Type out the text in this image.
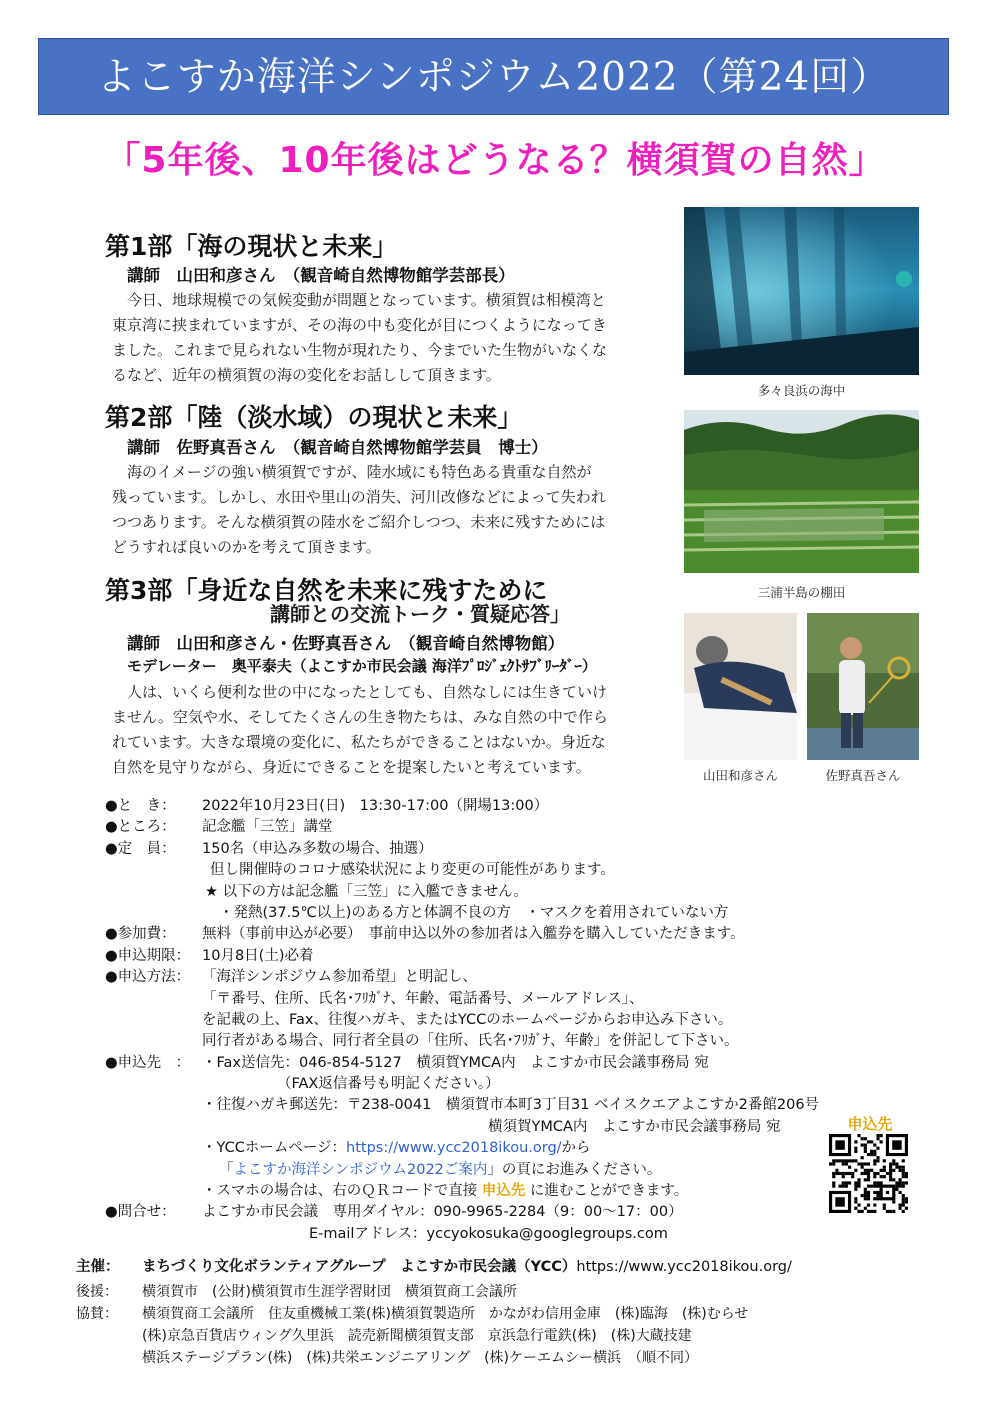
よこすか海洋シンポジウム2022（第24回）
「5年後、10年後はどうなる？横須賀の自然」
第1部「海の現状と未来」
講師　山田和彦さん　（観音崎自然博物館学芸部長）

　今日、地球規模での気候変動が問題となっています。横須賀は相模湾と

東京湾に挟まれていますが、その海の中も変化が目につくようになってき

ました。これまで見られない生物が現れたり、今までいた生物がいなくな

るなど、近年の横須賀の海の変化をお話しして頂きます。

第2部「陸（淡水域）の現状と未来」
講師　佐野真吾さん　（観音崎自然博物館学芸員　博士）

　海のイメージの強い横須賀ですが、陸水域にも特色ある貴重な自然が

残っています。しかし、水田や里山の消失、河川改修などによって失われ

つつあります。そんな横須賀の陸水をご紹介しつつ、未来に残すためには

どうすれば良いのかを考えて頂きます。

第3部「身近な自然を未来に残すために
講師との交流トーク・質疑応答」
講師　山田和彦さん・佐野真吾さん　（観音崎自然博物館）
モデレーター　奥平泰夫（よこすか市民会議 海洋ﾌﾟﾛｼﾞｪｸﾄｻﾌﾞﾘｰﾀﾞｰ）

　人は、いくら便利な世の中になったとしても、自然なしには生きていけ

ません。空気や水、そしてたくさんの生き物たちは、みな自然の中で作ら

れています。大きな環境の変化に、私たちができることはないか。身近な

自然を見守りながら、身近にできることを提案したいと考えています。

多々良浜の海中
三浦半島の棚田
山田和彦さん	佐野真吾さん
●と　き： 2022年10月23日(日)　13:30-17:00（開場13:00）
●ところ： 記念艦「三笠」講堂
●定　員： 150名（申込み多数の場合、抽選）
但し開催時のコロナ感染状況により変更の可能性があります。
★ 以下の方は記念艦「三笠」に入艦できません。
・発熱(37.5℃以上)のある方と体調不良の方　・マスクを着用されていない方
●参加費： 無料（事前申込が必要）　事前申込以外の参加者は入艦券を購入していただきます。
●申込期限： 10月8日(土)必着
●申込方法： 「海洋シンポジウム参加希望」と明記し、
「〒番号、住所、氏名･ﾌﾘｶﾞﾅ、年齢、電話番号、メールアドレス」、
を記載の上、Fax、往復ハガキ、またはYCCのホームページからお申込み下さい。
同行者がある場合、同行者全員の「住所、氏名･ﾌﾘｶﾞﾅ、年齢」を併記して下さい。
●申込先　： ・Fax送信先：046-854-5127　横須賀YMCA内　よこすか市民会議事務局 宛
（FAX返信番号も明記ください。）
・往復ハガキ郵送先：〒238-0041　横須賀市本町3丁目31 ベイスクエアよこすか2番館206号
横須賀YMCA内　よこすか市民会議事務局 宛
・YCCホームページ：https://www.ycc2018ikou.org/から
「よこすか海洋シンポジウム2022ご案内」の頁にお進みください。
・スマホの場合は、右のＱＲコードで直接 申込先 に進むことができます。
●問合せ： よこすか市民会議　専用ダイヤル：090-9965-2284（9：00～17：00）
E-mailアドレス：yccyokosuka@googlegroups.com
申込先
主催： まちづくり文化ボランティアグループ　よこすか市民会議（YCC）https://www.ycc2018ikou.org/
後援： 横須賀市　(公財)横須賀市生涯学習財団　横須賀商工会議所
協賛： 横須賀商工会議所　住友重機械工業(株)横須賀製造所　かながわ信用金庫　(株)臨海　(株)むらせ
(株)京急百貨店ウィング久里浜　読売新聞横須賀支部　京浜急行電鉄(株)　(株)大蔵技建
横浜ステージプラン(株)　(株)共栄エンジニアリング　(株)ケーエムシー横浜　（順不同）
